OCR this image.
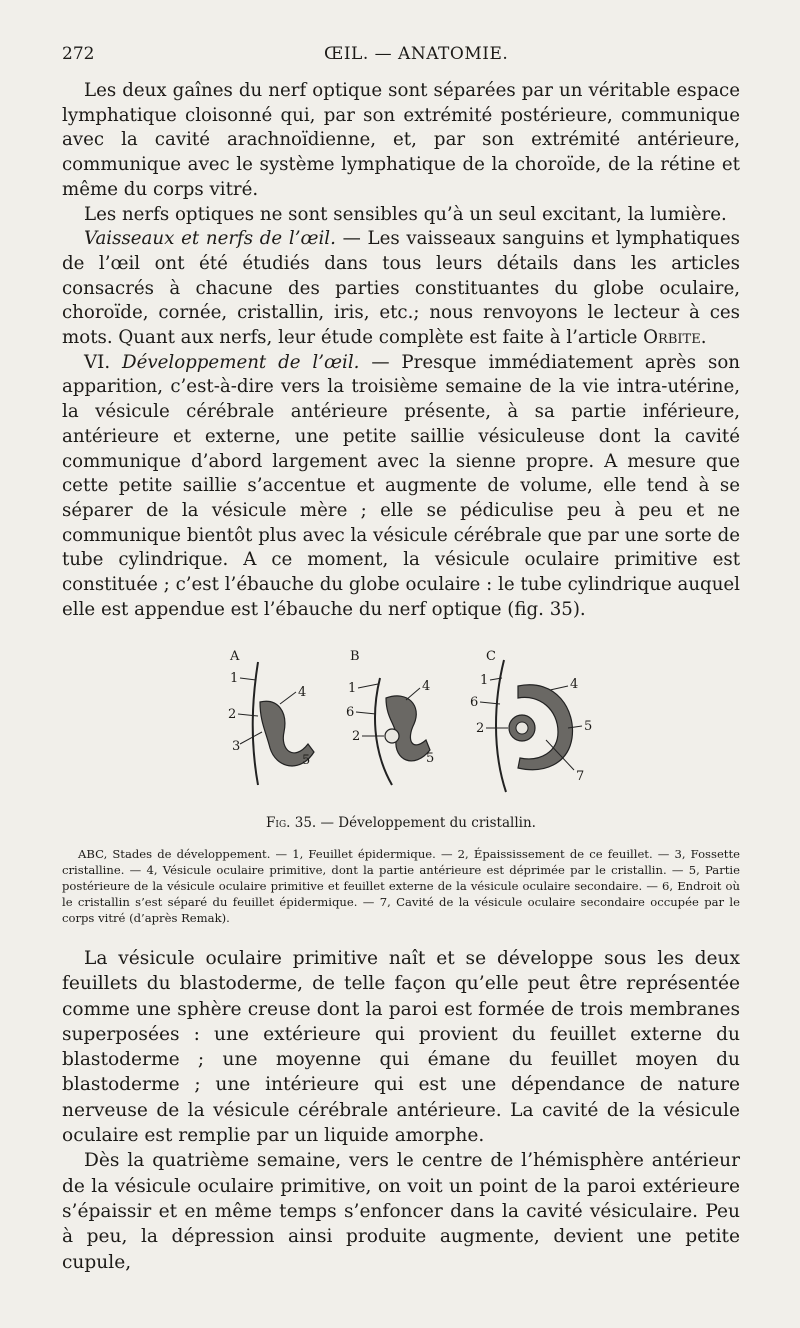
272	ŒIL. — ANATOMIE.

Les deux gaînes du nerf optique sont séparées par un véritable espace lymphatique cloisonné qui, par son extrémité postérieure, communique avec la cavité arachnoïdienne, et, par son extrémité antérieure, communique avec le système lymphatique de la choroïde, de la rétine et même du corps vitré.

Les nerfs optiques ne sont sensibles qu’à un seul excitant, la lumière.

Vaisseaux et nerfs de l’œil. — Les vaisseaux sanguins et lymphatiques de l’œil ont été étudiés dans tous leurs détails dans les articles consacrés à chacune des parties constituantes du globe oculaire, choroïde, cornée, cristallin, iris, etc.; nous renvoyons le lecteur à ces mots. Quant aux nerfs, leur étude complète est faite à l’article Orbite.

VI. Développement de l’œil. — Presque immédiatement après son apparition, c’est-à-dire vers la troisième semaine de la vie intra-utérine, la vésicule cérébrale antérieure présente, à sa partie inférieure, antérieure et externe, une petite saillie vésiculeuse dont la cavité communique d’abord largement avec la sienne propre. A mesure que cette petite saillie s’accentue et augmente de volume, elle tend à se séparer de la vésicule mère ; elle se pédiculise peu à peu et ne communique bientôt plus avec la vésicule cérébrale que par une sorte de tube cylindrique. A ce moment, la vésicule oculaire primitive est constituée ; c’est l’ébauche du globe oculaire : le tube cylindrique auquel elle est appendue est l’ébauche du nerf optique (fig. 35).

A
1
2
3
4
5
B
1
6
2
4
5
C
1
6
2
4
5
7
Fig. 35. — Développement du cristallin.

ABC, Stades de développement. — 1, Feuillet épidermique. — 2, Épaississement de ce feuillet. — 3, Fossette cristalline. — 4, Vésicule oculaire primitive, dont la partie antérieure est déprimée par le cristallin. — 5, Partie postérieure de la vésicule oculaire primitive et feuillet externe de la vésicule oculaire secondaire. — 6, Endroit où le cristallin s’est séparé du feuillet épidermique. — 7, Cavité de la vésicule oculaire secondaire occupée par le corps vitré (d’après Remak).

La vésicule oculaire primitive naît et se développe sous les deux feuillets du blastoderme, de telle façon qu’elle peut être représentée comme une sphère creuse dont la paroi est formée de trois membranes superposées : une extérieure qui provient du feuillet externe du blastoderme ; une moyenne qui émane du feuillet moyen du blastoderme ; une intérieure qui est une dépendance de nature nerveuse de la vésicule cérébrale antérieure. La cavité de la vésicule oculaire est remplie par un liquide amorphe.

Dès la quatrième semaine, vers le centre de l’hémisphère antérieur de la vésicule oculaire primitive, on voit un point de la paroi extérieure s’épaissir et en même temps s’enfoncer dans la cavité vésiculaire. Peu à peu, la dépression ainsi produite augmente, devient une petite cupule,
